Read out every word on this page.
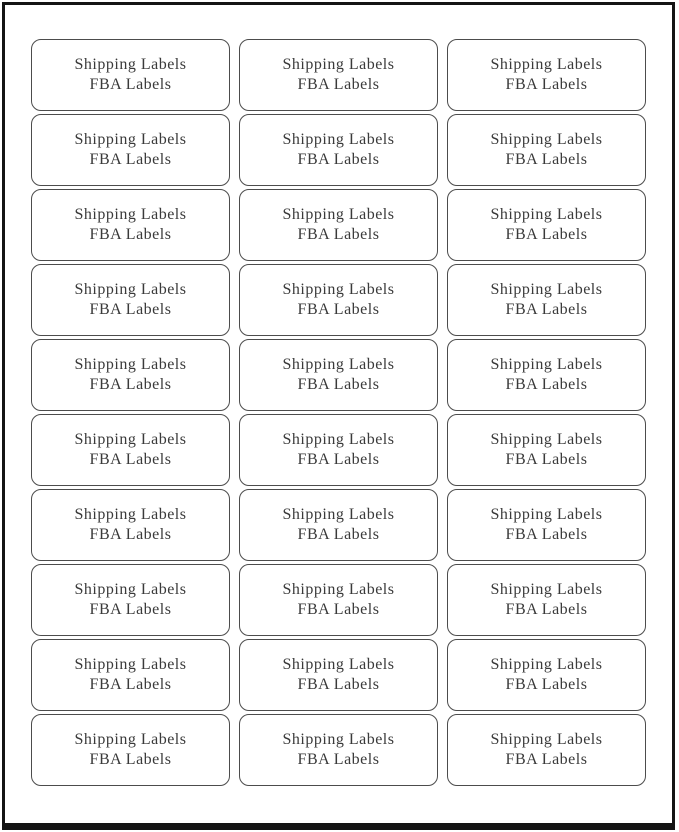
Shipping Labels
FBA Labels
Shipping Labels
FBA Labels
Shipping Labels
FBA Labels
Shipping Labels
FBA Labels
Shipping Labels
FBA Labels
Shipping Labels
FBA Labels
Shipping Labels
FBA Labels
Shipping Labels
FBA Labels
Shipping Labels
FBA Labels
Shipping Labels
FBA Labels
Shipping Labels
FBA Labels
Shipping Labels
FBA Labels
Shipping Labels
FBA Labels
Shipping Labels
FBA Labels
Shipping Labels
FBA Labels
Shipping Labels
FBA Labels
Shipping Labels
FBA Labels
Shipping Labels
FBA Labels
Shipping Labels
FBA Labels
Shipping Labels
FBA Labels
Shipping Labels
FBA Labels
Shipping Labels
FBA Labels
Shipping Labels
FBA Labels
Shipping Labels
FBA Labels
Shipping Labels
FBA Labels
Shipping Labels
FBA Labels
Shipping Labels
FBA Labels
Shipping Labels
FBA Labels
Shipping Labels
FBA Labels
Shipping Labels
FBA Labels
